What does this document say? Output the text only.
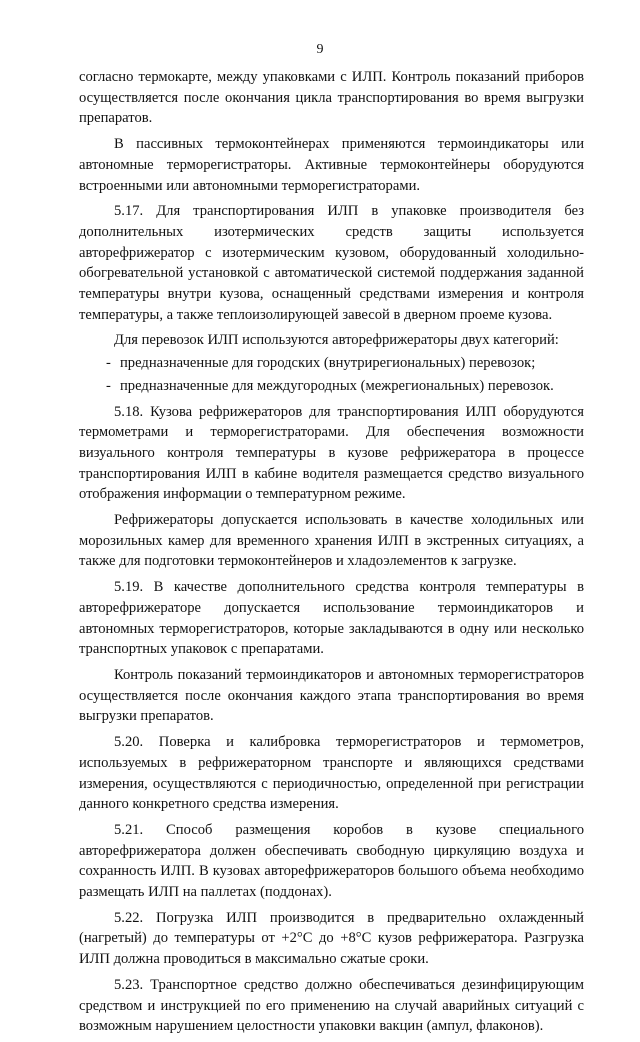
9

согласно термокарте, между упаковками с ИЛП. Контроль показаний приборов осуществляется после окончания цикла транспортирования во время выгрузки препаратов.

В пассивных термоконтейнерах применяются термоиндикаторы или автономные терморегистраторы. Активные термоконтейнеры оборудуются встроенными или автономными терморегистраторами.

5.17. Для транспортирования ИЛП в упаковке производителя без дополнительных изотермических средств защиты используется авторефрижератор с изотермическим кузовом, оборудованный холодильно-обогревательной установкой с автоматической системой поддержания заданной температуры внутри кузова, оснащенный средствами измерения и контроля температуры, а также теплоизолирующей завесой в дверном проеме кузова.

Для перевозок ИЛП используются авторефрижераторы двух категорий:

- предназначенные для городских (внутрирегиональных) перевозок;

- предназначенные для междугородных (межрегиональных) перевозок.

5.18. Кузова рефрижераторов для транспортирования ИЛП оборудуются термометрами и терморегистраторами. Для обеспечения возможности визуального контроля температуры в кузове рефрижератора в процессе транспортирования ИЛП в кабине водителя размещается средство визуального отображения информации о температурном режиме.

Рефрижераторы допускается использовать в качестве холодильных или морозильных камер для временного хранения ИЛП в экстренных ситуациях, а также для подготовки термоконтейнеров и хладоэлементов к загрузке.

5.19. В качестве дополнительного средства контроля температуры в авторефрижераторе допускается использование термоиндикаторов и автономных терморегистраторов, которые закладываются в одну или несколько транспортных упаковок с препаратами.

Контроль показаний термоиндикаторов и автономных терморегистраторов осуществляется после окончания каждого этапа транспортирования во время выгрузки препаратов.

5.20. Поверка и калибровка терморегистраторов и термометров, используемых в рефрижераторном транспорте и являющихся средствами измерения, осуществляются с периодичностью, определенной при регистрации данного конкретного средства измерения.

5.21. Способ размещения коробов в кузове специального авторефрижератора должен обеспечивать свободную циркуляцию воздуха и сохранность ИЛП. В кузовах авторефрижераторов большого объема необходимо размещать ИЛП на паллетах (поддонах).

5.22. Погрузка ИЛП производится в предварительно охлажденный (нагретый) до температуры от +2°С до +8°С кузов рефрижератора. Разгрузка ИЛП должна проводиться в максимально сжатые сроки.

5.23. Транспортное средство должно обеспечиваться дезинфицирующим средством и инструкцией по его применению на случай аварийных ситуаций с возможным нарушением целостности упаковки вакцин (ампул, флаконов).
